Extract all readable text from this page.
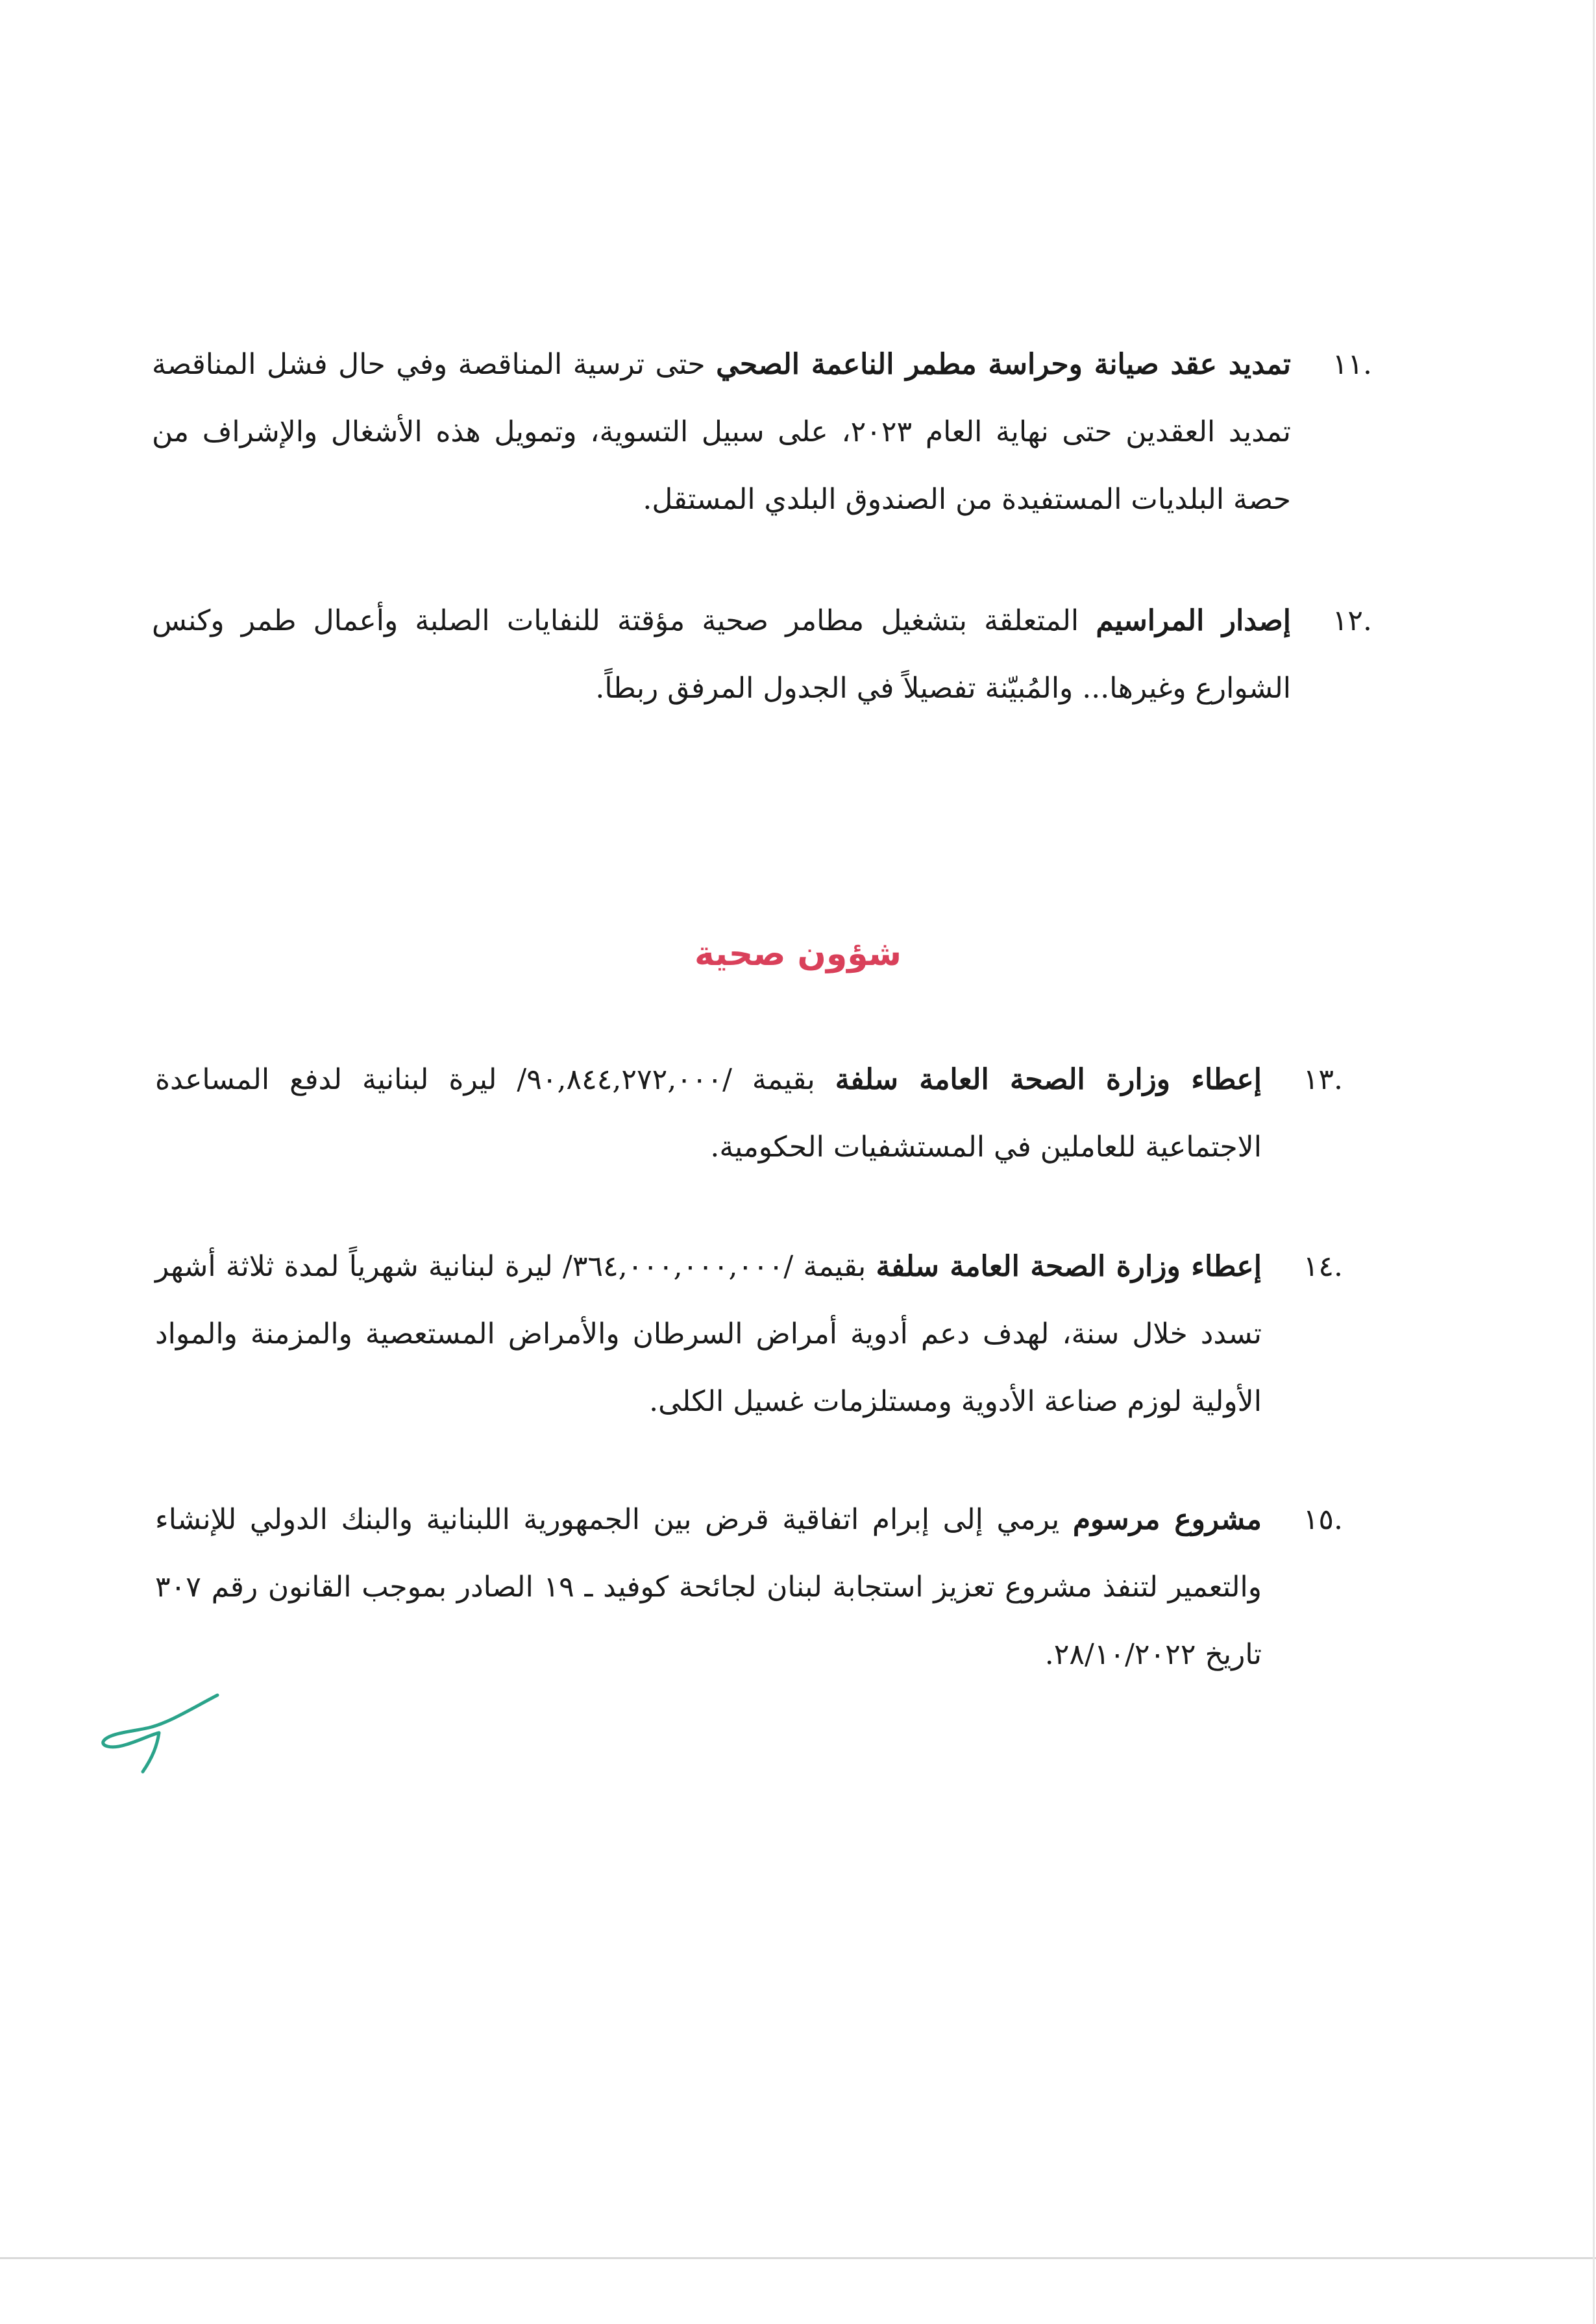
.١١
تمديد عقد صيانة وحراسة مطمر الناعمة الصحي حتى ترسية المناقصة وفي حال فشل المناقصة تمديد العقدين حتى نهاية العام ٢٠٢٣، على سبيل التسوية، وتمويل هذه الأشغال والإشراف من حصة البلديات المستفيدة من الصندوق البلدي المستقل.
.١٢
إصدار المراسيم المتعلقة بتشغيل مطامر صحية مؤقتة للنفايات الصلبة وأعمال طمر وكنس الشوارع وغيرها... والمُبيّنة تفصيلاً في الجدول المرفق ربطاً.
شؤون صحية
.١٣
إعطاء وزارة الصحة العامة سلفة بقيمة /٩٠,٨٤٤,٢٧٢,٠٠٠/ ليرة لبنانية لدفع المساعدة الاجتماعية للعاملين في المستشفيات الحكومية.
.١٤
إعطاء وزارة الصحة العامة سلفة بقيمة /٣٦٤,٠٠٠,٠٠٠,٠٠٠/ ليرة لبنانية شهرياً لمدة ثلاثة أشهر تسدد خلال سنة، لهدف دعم أدوية أمراض السرطان والأمراض المستعصية والمزمنة والمواد الأولية لوزم صناعة الأدوية ومستلزمات غسيل الكلى.
.١٥
مشروع مرسوم يرمي إلى إبرام اتفاقية قرض بين الجمهورية اللبنانية والبنك الدولي للإنشاء والتعمير لتنفذ مشروع تعزيز استجابة لبنان لجائحة كوفيد ـ ١٩ الصادر بموجب القانون رقم ٣٠٧ تاريخ ٢٨/١٠/٢٠٢٢.
